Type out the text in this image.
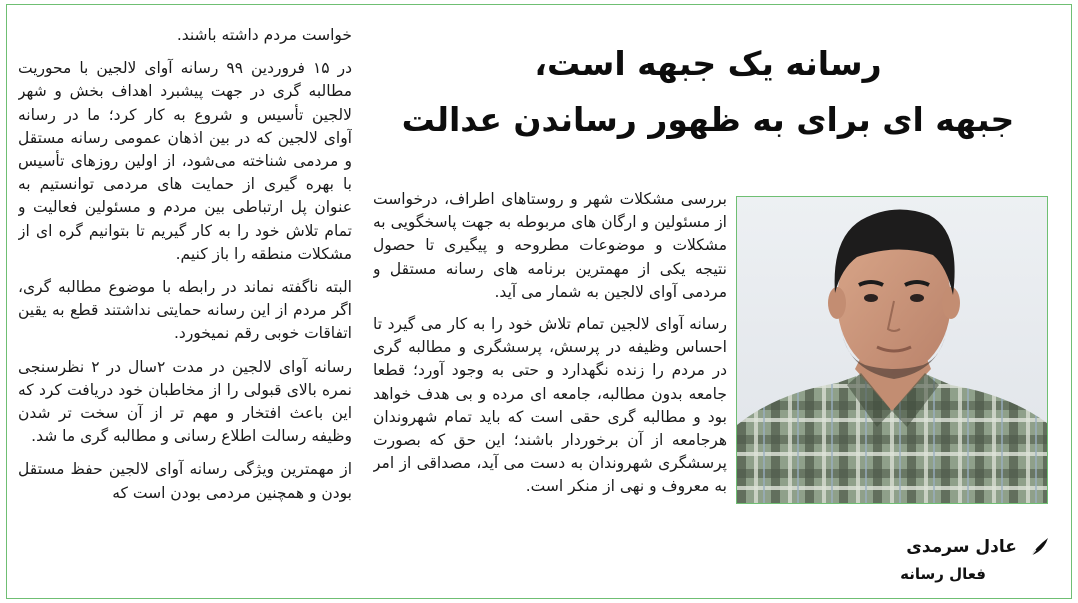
خواست مردم داشته باشند.

در ۱۵ فروردین ۹۹ رسانه آوای لالجین با محوریت مطالبه گری در جهت پیشبرد اهداف بخش و شهر لالجین تأسیس و شروع به کار کرد؛ ما در رسانه آوای لالجین که در بین اذهان عمومی رسانه مستقل و مردمی شناخته می‌شود، از اولین روزهای تأسیس با بهره گیری از حمایت های مردمی توانستیم به عنوان پل ارتباطی بین مردم و مسئولین فعالیت و تمام تلاش خود را به کار گیریم تا بتوانیم گره ای از مشکلات منطقه را باز کنیم.

البته ناگفته نماند در رابطه با موضوع مطالبه گری، اگر مردم از این رسانه حمایتی نداشتند قطع به یقین اتفاقات خوبی رقم نمیخورد.

رسانه آوای لالجین در مدت ۲سال در ۲ نظرسنجی نمره بالای قبولی را از مخاطبان خود دریافت کرد که این باعث افتخار و مهم تر از آن سخت تر شدن وظیفه رسالت اطلاع رسانی و مطالبه گری ما شد.

از مهمترین ویژگی رسانه آوای لالجین حفظ مستقل بودن و همچنین مردمی بودن است که

رسانه یک جبهه است،
جبهه ای برای به ظهور رساندن عدالت

بررسی مشکلات شهر و روستاهای اطراف، درخواست از مسئولین و ارگان های مربوطه به جهت پاسخگویی به مشکلات و موضوعات مطروحه و پیگیری تا حصول نتیجه یکی از مهمترین برنامه های رسانه مستقل و مردمی آوای لالجین به شمار می آید.

رسانه آوای لالجین تمام تلاش خود را به کار می گیرد تا احساس وظیفه در پرسش، پرسشگری و مطالبه گری در مردم را زنده نگهدارد و حتی به وجود آورد؛ قطعا جامعه بدون مطالبه، جامعه ای مرده و بی هدف خواهد بود و مطالبه گری حقی است که باید تمام شهروندان هرجامعه از آن برخوردار باشند؛ این حق که بصورت پرسشگری شهروندان به دست می آید، مصداقی از امر به معروف و نهی از منکر است.

عادل سرمدی
فعال رسانه
